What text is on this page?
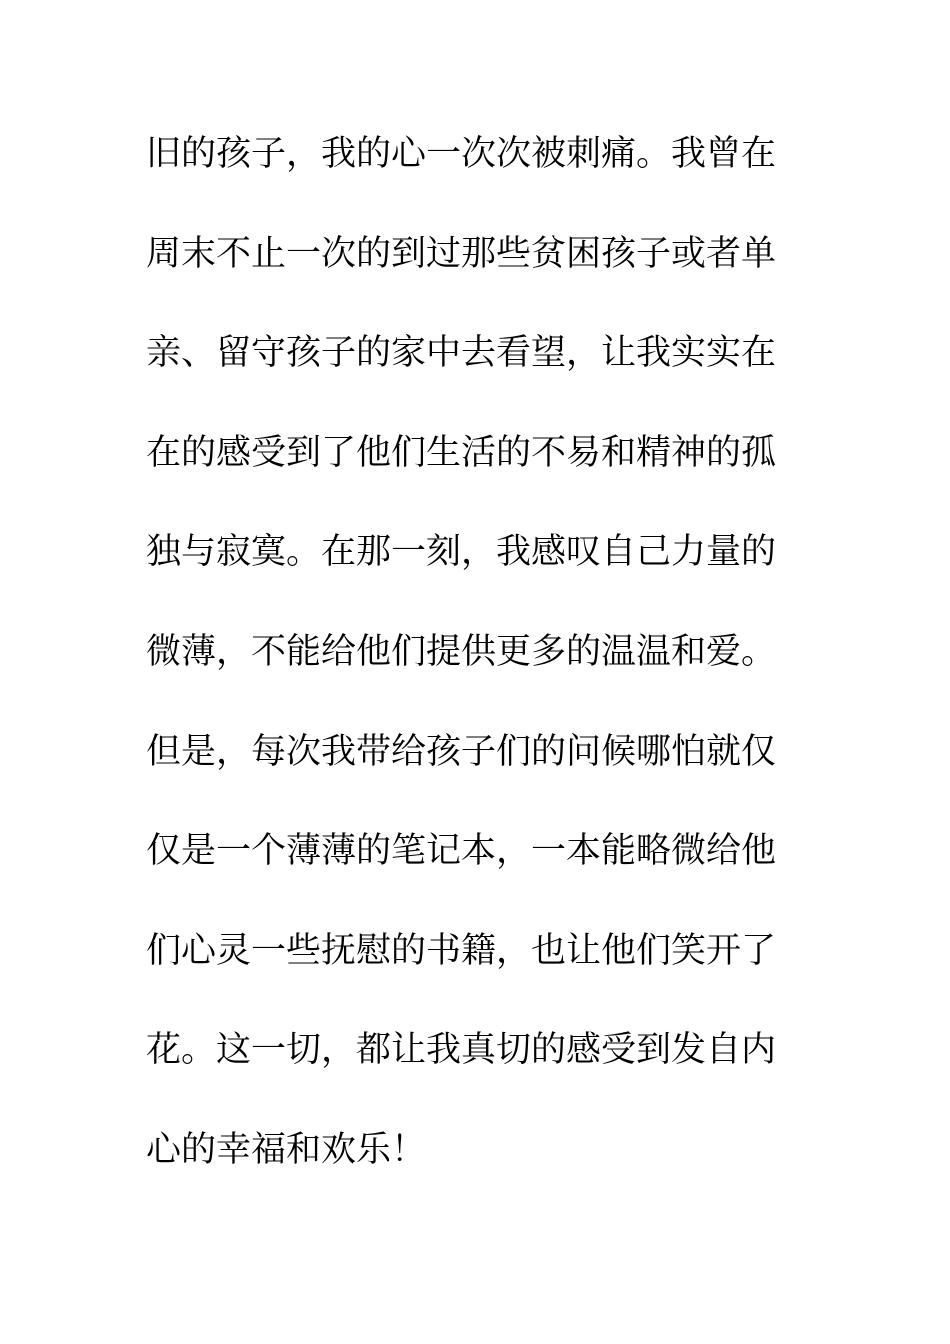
旧的孩子，我的心一次次被刺痛。我曾在
周末不止一次的到过那些贫困孩子或者单
亲、留守孩子的家中去看望，让我实实在
在的感受到了他们生活的不易和精神的孤
独与寂寞。在那一刻，我感叹自己力量的
微薄，不能给他们提供更多的温温和爱。
但是，每次我带给孩子们的问候哪怕就仅
仅是一个薄薄的笔记本，一本能略微给他
们心灵一些抚慰的书籍，也让他们笑开了
花。这一切，都让我真切的感受到发自内
心的幸福和欢乐！
